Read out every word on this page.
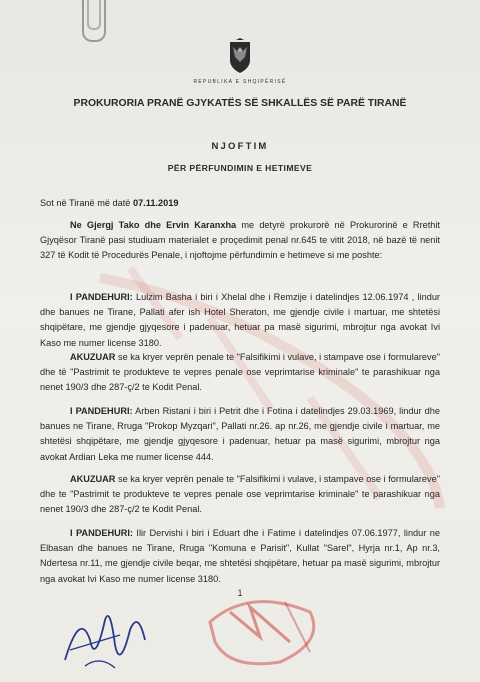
REPUBLIKA E SHQIPËRISË
PROKURORIA PRANË GJYKATËS SË SHKALLËS SË PARË TIRANË
NJOFTIM
PËR PËRFUNDIMIN E HETIMEVE
Sot në Tiranë më datë 07.11.2019

Ne Gjergj Tako dhe Ervin Karanxha me detyrë prokurorë në Prokurorinë e Rrethit Gjyqësor Tiranë pasi studiuam materialet e proçedimit penal nr.645 te vitit 2018, në bazë të nenit 327 të Kodit të Procedurës Penale, i njoftojme përfundimin e hetimeve si me poshte:

I PANDEHURI: Lulzim Basha i biri i Xhelal dhe i Remzije i datelindjes 12.06.1974 , lindur dhe banues ne Tirane, Pallati afer ish Hotel Sheraton, me gjendje civile i martuar, me shtetësi shqipëtare, me gjendje gjyqesore i padenuar, hetuar pa masë sigurimi, mbrojtur nga avokat Ivi Kaso me numer license 3180.

AKUZUAR se ka kryer veprën penale te "Falsifikimi i vulave, i stampave ose i formulareve" dhe të "Pastrimit te produkteve te vepres penale ose veprimtarise kriminale" te parashikuar nga nenet 190/3 dhe 287-ç/2 te Kodit Penal.

I PANDEHURI: Arben Ristani i biri i Petrit dhe i Fotina i datelindjes 29.03.1969, lindur dhe banues ne Tirane, Rruga "Prokop Myzqari", Pallati nr.26. ap nr.26, me gjendje civile i martuar, me shtetësi shqipëtare, me gjendje gjyqesore i padenuar, hetuar pa masë sigurimi, mbrojtur nga avokat Ardian Leka me numer license 444.

AKUZUAR se ka kryer veprën penale te "Falsifikimi i vulave, i stampave ose i formulareve" dhe te "Pastrimit te produkteve te vepres penale ose veprimtarise kriminale" te parashikuar nga nenet 190/3 dhe 287-ç/2 te Kodit Penal.

I PANDEHURI: Ilir Dervishi i biri i Eduart dhe i Fatime i datelindjes 07.06.1977, lindur ne Elbasan dhe banues ne Tirane, Rruga "Komuna e Parisit", Kullat "Sarel", Hyrja nr.1, Ap nr.3, Ndertesa nr.11, me gjendje civile beqar, me shtetësi shqipëtare, hetuar pa masë sigurimi, mbrojtur nga avokat Ivi Kaso me numer license 3180.

1
